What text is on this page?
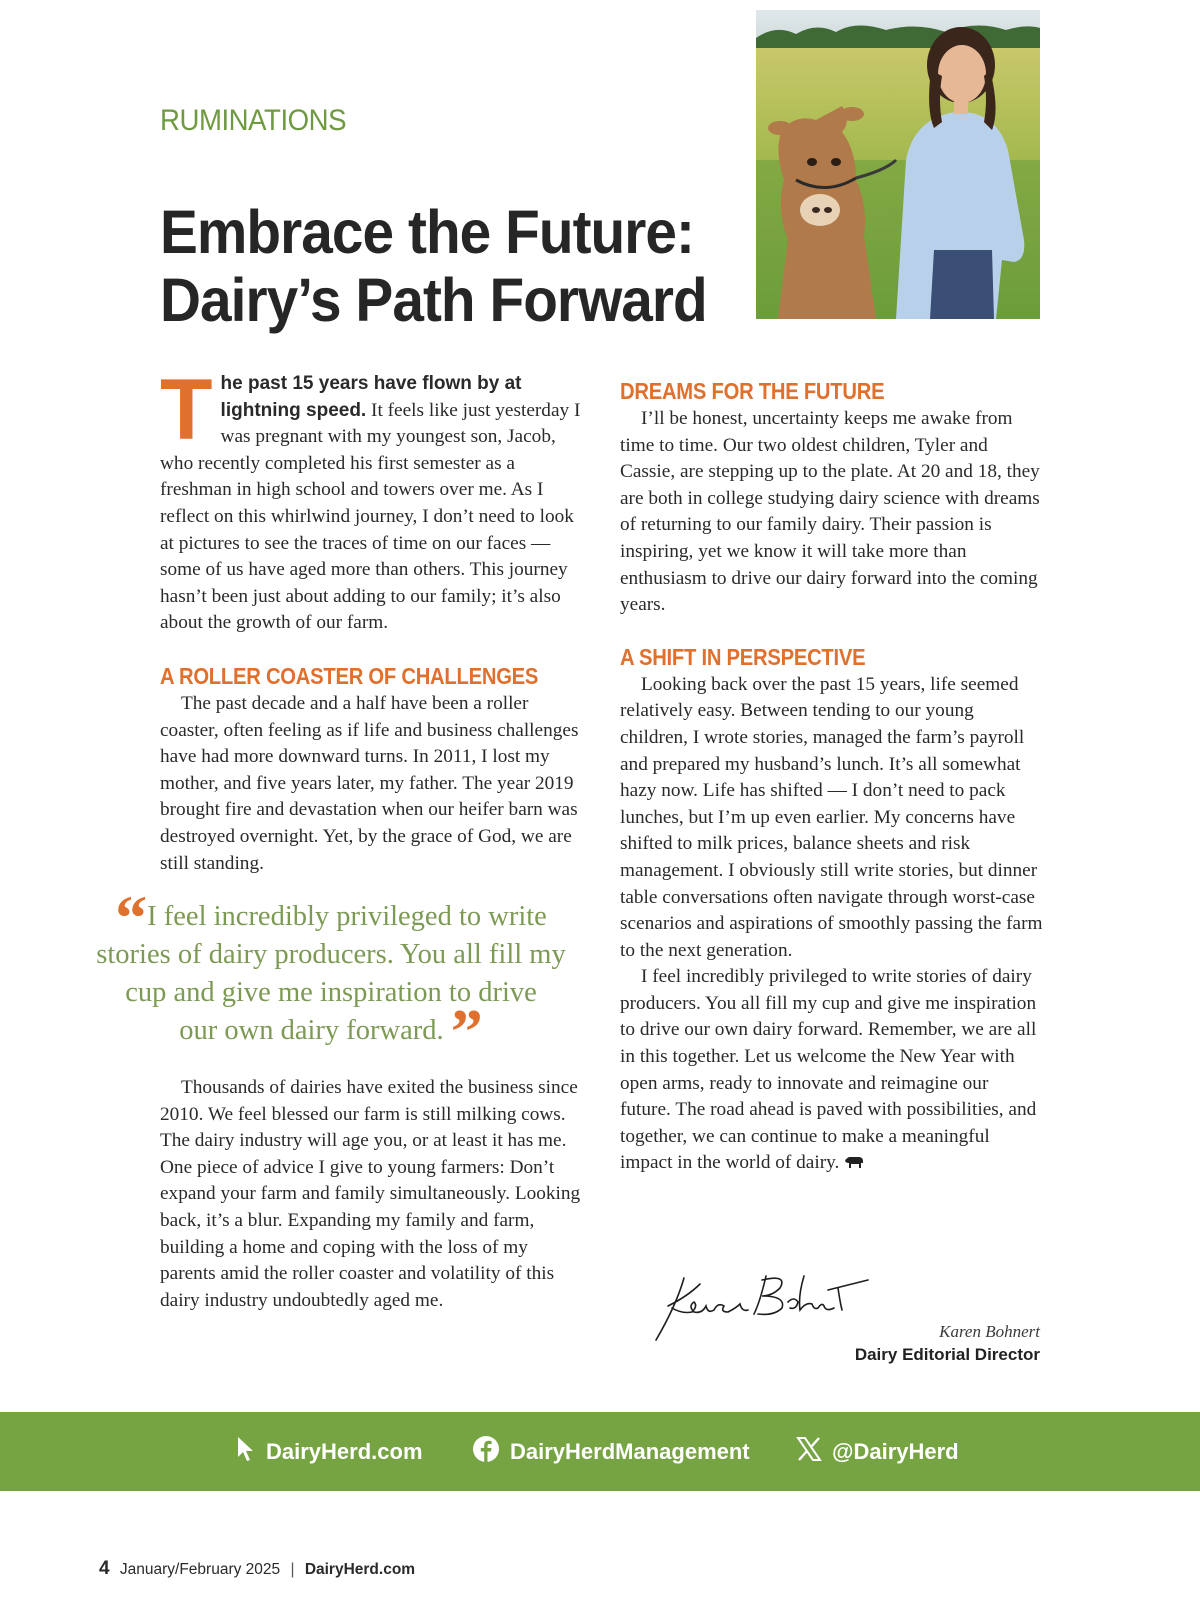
RUMINATIONS
Embrace the Future:
Dairy’s Path Forward

The past 15 years have flown by at lightning speed. It feels like just yesterday I was pregnant with my youngest son, Jacob, who recently completed his first semester as a freshman in high school and towers over me. As I reflect on this whirlwind journey, I don’t need to look at pictures to see the traces of time on our faces — some of us have aged more than others. This journey hasn’t been just about adding to our family; it’s also about the growth of our farm.

A ROLLER COASTER OF CHALLENGES

The past decade and a half have been a roller coaster, often feeling as if life and business challenges have had more downward turns. In 2011, I lost my mother, and five years later, my father. The year 2019 brought fire and devastation when our heifer barn was destroyed overnight. Yet, by the grace of God, we are still standing.

“I feel incredibly privileged to write
stories of dairy producers. You all fill my
cup and give me inspiration to drive
our own dairy forward. ”

Thousands of dairies have exited the business since 2010. We feel blessed our farm is still milking cows. The dairy industry will age you, or at least it has me. One piece of advice I give to young farmers: Don’t expand your farm and family simultaneously. Looking back, it’s a blur. Expanding my family and farm, building a home and coping with the loss of my parents amid the roller coaster and volatility of this dairy industry undoubtedly aged me.

DREAMS FOR THE FUTURE

I’ll be honest, uncertainty keeps me awake from time to time. Our two oldest children, Tyler and Cassie, are stepping up to the plate. At 20 and 18, they are both in college studying dairy science with dreams of returning to our family dairy. Their passion is inspiring, yet we know it will take more than enthusiasm to drive our dairy forward into the coming years.

A SHIFT IN PERSPECTIVE

Looking back over the past 15 years, life seemed relatively easy. Between tending to our young children, I wrote stories, managed the farm’s payroll and prepared my husband’s lunch. It’s all somewhat hazy now. Life has shifted — I don’t need to pack lunches, but I’m up even earlier. My concerns have shifted to milk prices, balance sheets and risk management. I obviously still write stories, but dinner table conversations often navigate through worst-case scenarios and aspirations of smoothly passing the farm to the next generation.

I feel incredibly privileged to write stories of dairy producers. You all fill my cup and give me inspiration to drive our own dairy forward. Remember, we are all in this together. Let us welcome the New Year with open arms, ready to innovate and reimagine our future. The road ahead is paved with possibilities, and together, we can continue to make a meaningful impact in the world of dairy.

Karen Bohnert
Dairy Editorial Director
DairyHerd.com	DairyHerdManagement	@DairyHerd
4 January/February 2025 | DairyHerd.com
